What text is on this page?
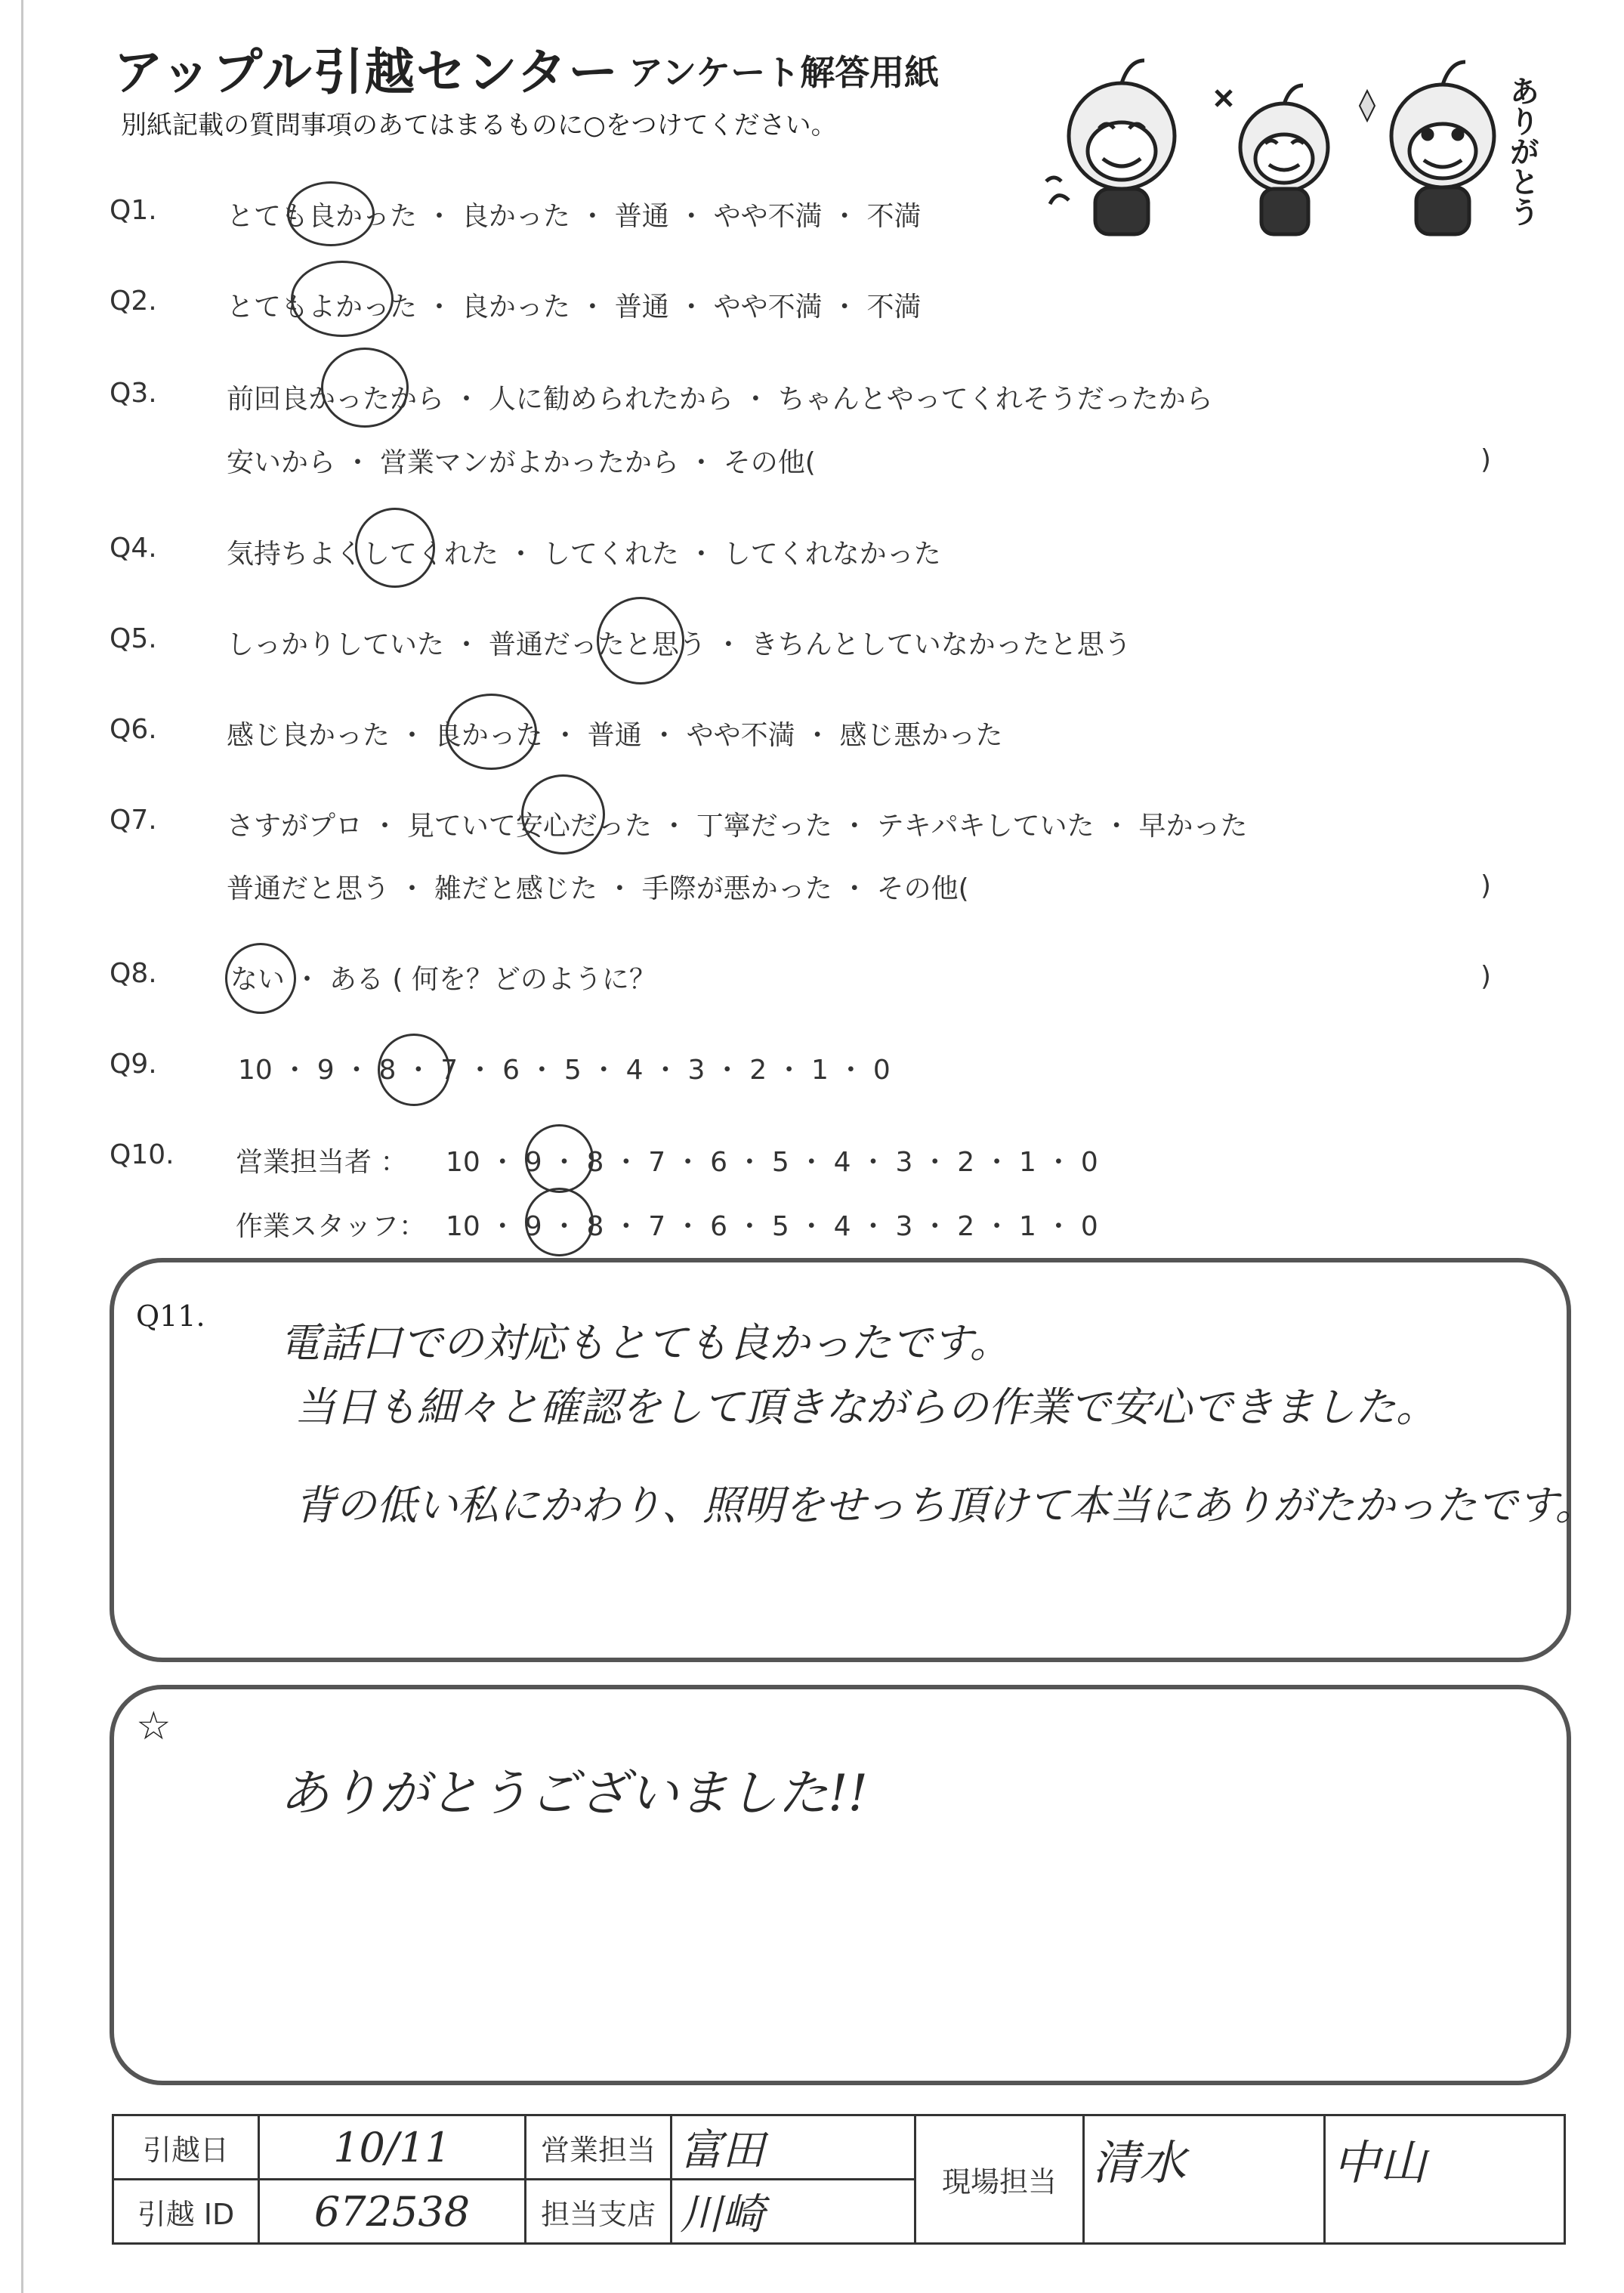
アップル引越センター アンケート解答用紙
別紙記載の質問事項のあてはまるものに○をつけてください。	ありがとう
Q1.	とても良かった ・ 良かった ・ 普通 ・ やや不満 ・ 不満
Q2.	とてもよかった ・ 良かった ・ 普通 ・ やや不満 ・ 不満
Q3.	前回良かったから ・ 人に勧められたから ・ ちゃんとやってくれそうだったから
安いから ・ 営業マンがよかったから ・ その他(	)
Q4.	気持ちよくしてくれた ・ してくれた ・ してくれなかった
Q5.	しっかりしていた ・ 普通だったと思う ・ きちんとしていなかったと思う
Q6.	感じ良かった ・ 良かった ・ 普通 ・ やや不満 ・ 感じ悪かった
Q7.	さすがプロ ・ 見ていて安心だった ・ 丁寧だった ・ テキパキしていた ・ 早かった
普通だと思う ・ 雑だと感じた ・ 手際が悪かった ・ その他(	)
Q8.	ない ・ ある ( 何を？どのように？	)
Q9.	10 ・ 9 ・ 8 ・ 7 ・ 6 ・ 5 ・ 4 ・ 3 ・ 2 ・ 1 ・ 0
Q10. 営業担当者 ： 10 ・ 9 ・ 8 ・ 7 ・ 6 ・ 5 ・ 4 ・ 3 ・ 2 ・ 1 ・ 0
作業スタッフ： 10 ・ 9 ・ 8 ・ 7 ・ 6 ・ 5 ・ 4 ・ 3 ・ 2 ・ 1 ・ 0
Q11.
電話口での対応もとても良かったです。
当日も細々と確認をして頂きながらの作業で安心できました。
背の低い私にかわり、照明をせっち頂けて本当にありがたかったです。
☆
ありがとうございました!!
引越日	10/11	営業担当	富田	現場担当	清水	中山
引越 ID	672538	担当支店	川崎			
